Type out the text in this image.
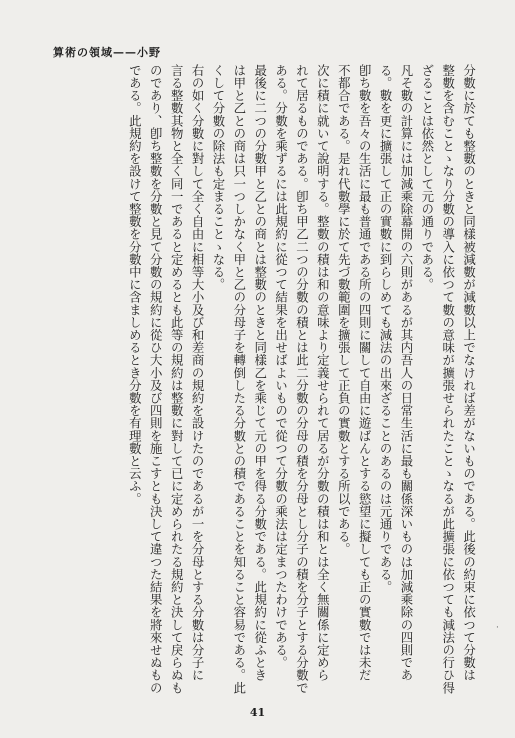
算術の領域——小野
分數に於ても整數のときと同樣被減數が減數以上でなければ差がないものである。此後の約束に依つて分數は
整數を含むことゝなり分數の導入に依つて數の意味が擴張せられたことゝなるが此擴張に依つても減法の行ひ得
ざることは依然として元の通りである。
凡そ數の計算には加減乘除幕開の六則があるが其内吾人の日常生活に最も關係深いものは加減乘除の四則であ
る。數を更に擴張して正の實數に到らしめても減法の出來ざることのあるのは元通りである。
卽ち數を吾々の生活に最も普通である所の四則に關して自由に遊ばんとする慾望に擬しても正の實數では未だ
不都合である。是れ代數學に於て先づ數範圍を擴張して正負の實數とする所以である。
次に積に就いて說明する。整數の積は和の意味より定義せられて居るが分數の積は和とは全く無關係に定めら
れて居るものである。卽ち甲乙二つの分數の積とは此二分數の分母の積を分母とし分子の積を分子とする分數で
ある。分數を乘ずるには此規約に從つて結果を出せばよいもので從つて分數の乘法は定まつたわけである。
最後に二つの分數甲と乙との商とは整數のときと同樣乙を乘じて元の甲を得る分數である。此規約に從ふとき
は甲と乙との商は只一つしかなく甲と乙の分母子を轉倒したる分數との積であることを知ること容易である。此
くして分數の除法も定まることゝなる。
右の如く分數に對して全く自由に相等大小及び和差商の規約を設けたのであるが一を分母とする分數は分子に
言る整數其物と全く同一であると定めるとも此等の規約は整數に對して已に定められたる規約と決して戾らぬも
のであり、卽ち整數を分數と見て分數の規約に從ひ大小及び四則を施こすとも決して違つた結果を將來せぬもの
である。此規約を設けて整數を分數中に含ましめるとき分數を有理數と云ふ。
41
·
